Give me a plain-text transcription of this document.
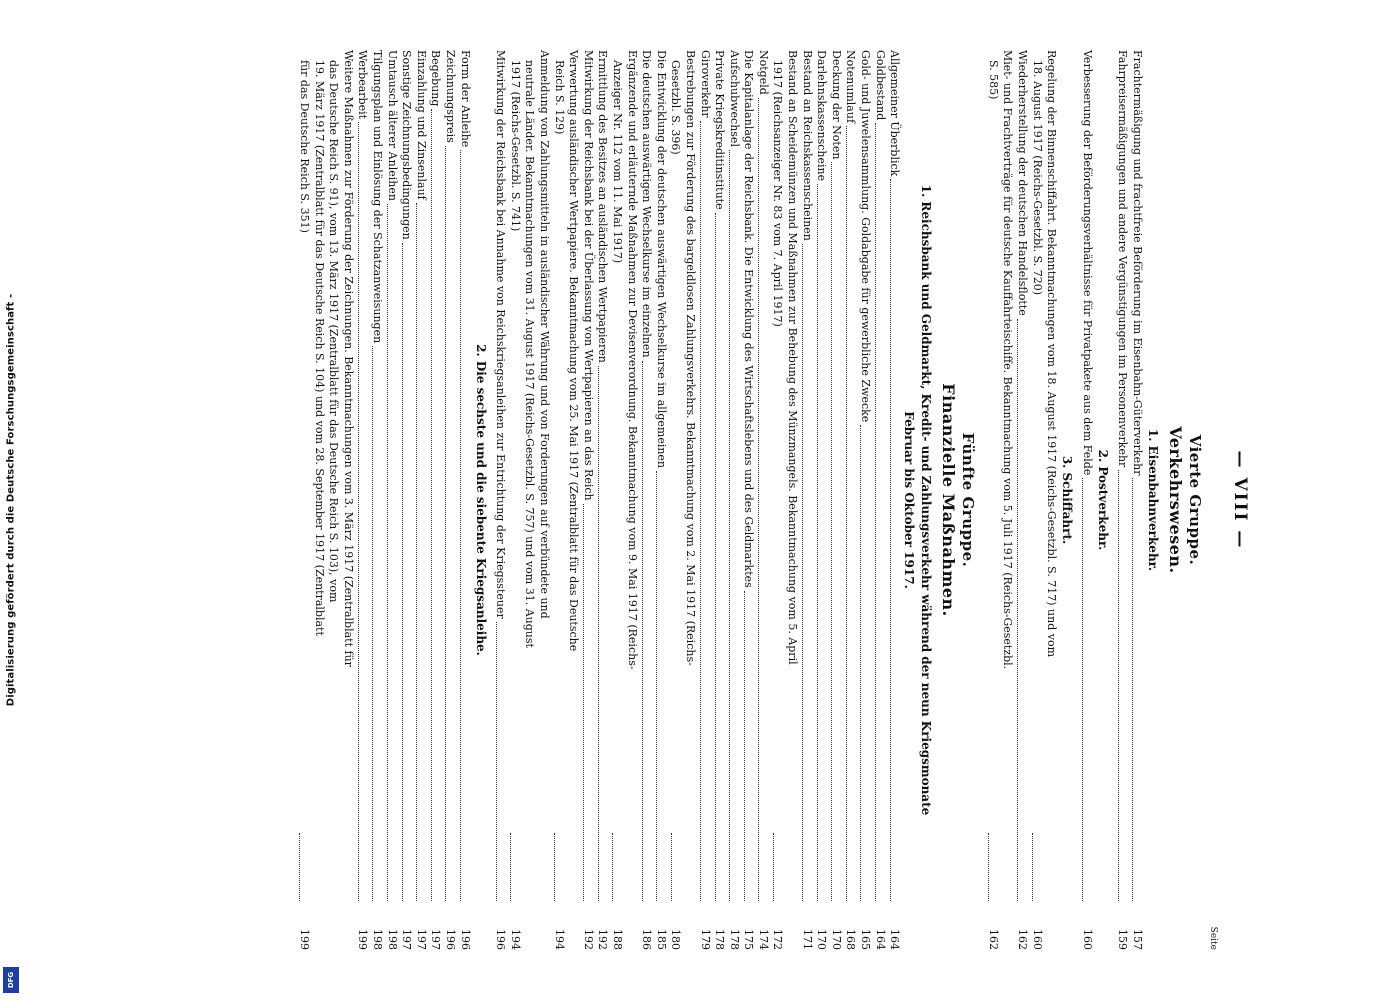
Digitalisierung gefördert durch die Deutsche Forschungsgemeinschaft -
DFG
— VIII —
Seite
Vierte Gruppe.
Verkehrswesen.
1. Eisenbahnverkehr.
Frachtermäßigung und frachtfreie Beförderung im Eisenbahn-Güterverkehr
157
Fahrpreisermäßigungen und andere Vergünstigungen im Personenverkehr
159
2. Postverkehr.
Verbesserung der Beförderungsverhältnisse für Privatpakete aus dem Felde
160
3. Schiffahrt.
Regelung der Binnenschiffahrt. Bekanntmachungen vom 18. August 1917 (Reichs-Gesetzbl. S. 717) und vom
18. August 1917 (Reichs-Gesetzbl. S. 720)
160
Wiederherstellung der deutschen Handelsflotte
162
Miet- und Frachtverträge für deutsche Kauffahrteischiffe. Bekanntmachung vom 5. Juli 1917 (Reichs-Gesetzbl.
S. 585)
162
Fünfte Gruppe.
Finanzielle Maßnahmen.
1. Reichsbank und Geldmarkt, Kredit- und Zahlungsverkehr während der neun Kriegsmonate
Februar bis Oktober 1917.
Allgemeiner Überblick
164
Goldbestand
164
Gold- und Juwelensammlung. Goldabgabe für gewerbliche Zwecke
165
Notenumlauf
168
Deckung der Noten
170
Darlehnskassenscheine
170
Bestand an Reichskassenscheinen
171
Bestand an Scheidemünzen und Maßnahmen zur Behebung des Münzmangels. Bekanntmachung vom 5. April
1917 (Reichsanzeiger Nr. 83 vom 7. April 1917)
172
Notgeld
174
Die Kapitalanlage der Reichsbank. Die Entwicklung des Wirtschaftslebens und des Geldmarktes
175
Aufschubwechsel
178
Private Kriegskreditinstitute
178
Giroverkehr
179
Bestrebungen zur Förderung des bargeldlosen Zahlungsverkehrs. Bekanntmachung vom 2. Mai 1917 (Reichs-
Gesetzbl. S. 396)
180
Die Entwicklung der deutschen auswärtigen Wechselkurse im allgemeinen
185
Die deutschen auswärtigen Wechselkurse im einzelnen
186
Ergänzende und erläuternde Maßnahmen zur Devisenverordnung. Bekanntmachung vom 9. Mai 1917 (Reichs-
Anzeiger Nr. 112 vom 11. Mai 1917)
188
Ermittlung des Besitzes an ausländischen Wertpapieren
192
Mitwirkung der Reichsbank bei der Überlassung von Wertpapieren an das Reich
192
Verwertung ausländischer Wertpapiere. Bekanntmachung vom 25. Mai 1917 (Zentralblatt für das Deutsche
Reich S. 129)
194
Anmeldung von Zahlungsmitteln in ausländischer Währung und von Forderungen auf verbündete und
neutrale Länder. Bekanntmachungen vom 31. August 1917 (Reichs-Gesetzbl. S. 757) und vom 31. August
1917 (Reichs-Gesetzbl. S. 741)
194
Mitwirkung der Reichsbank bei Annahme von Reichskriegsanleihen zur Entrichtung der Kriegssteuer
196
2. Die sechste und die siebente Kriegsanleihe.
Form der Anleihe
196
Zeichnungspreis
196
Begebung
197
Einzahlung und Zinsenlauf
197
Sonstige Zeichnungsbedingungen
197
Umtausch älterer Anleihen
198
Tilgungsplan und Einlösung der Schatzanweisungen
198
Werbearbeit
199
Weitere Maßnahmen zur Förderung der Zeichnungen. Bekanntmachungen vom 3. März 1917 (Zentralblatt für
das Deutsche Reich S. 91), vom 13. März 1917 (Zentralblatt für das Deutsche Reich S. 103), vom
19. März 1917 (Zentralblatt für das Deutsche Reich S. 104) und vom 28. September 1917 (Zentralblatt
für das Deutsche Reich S. 351)
199
